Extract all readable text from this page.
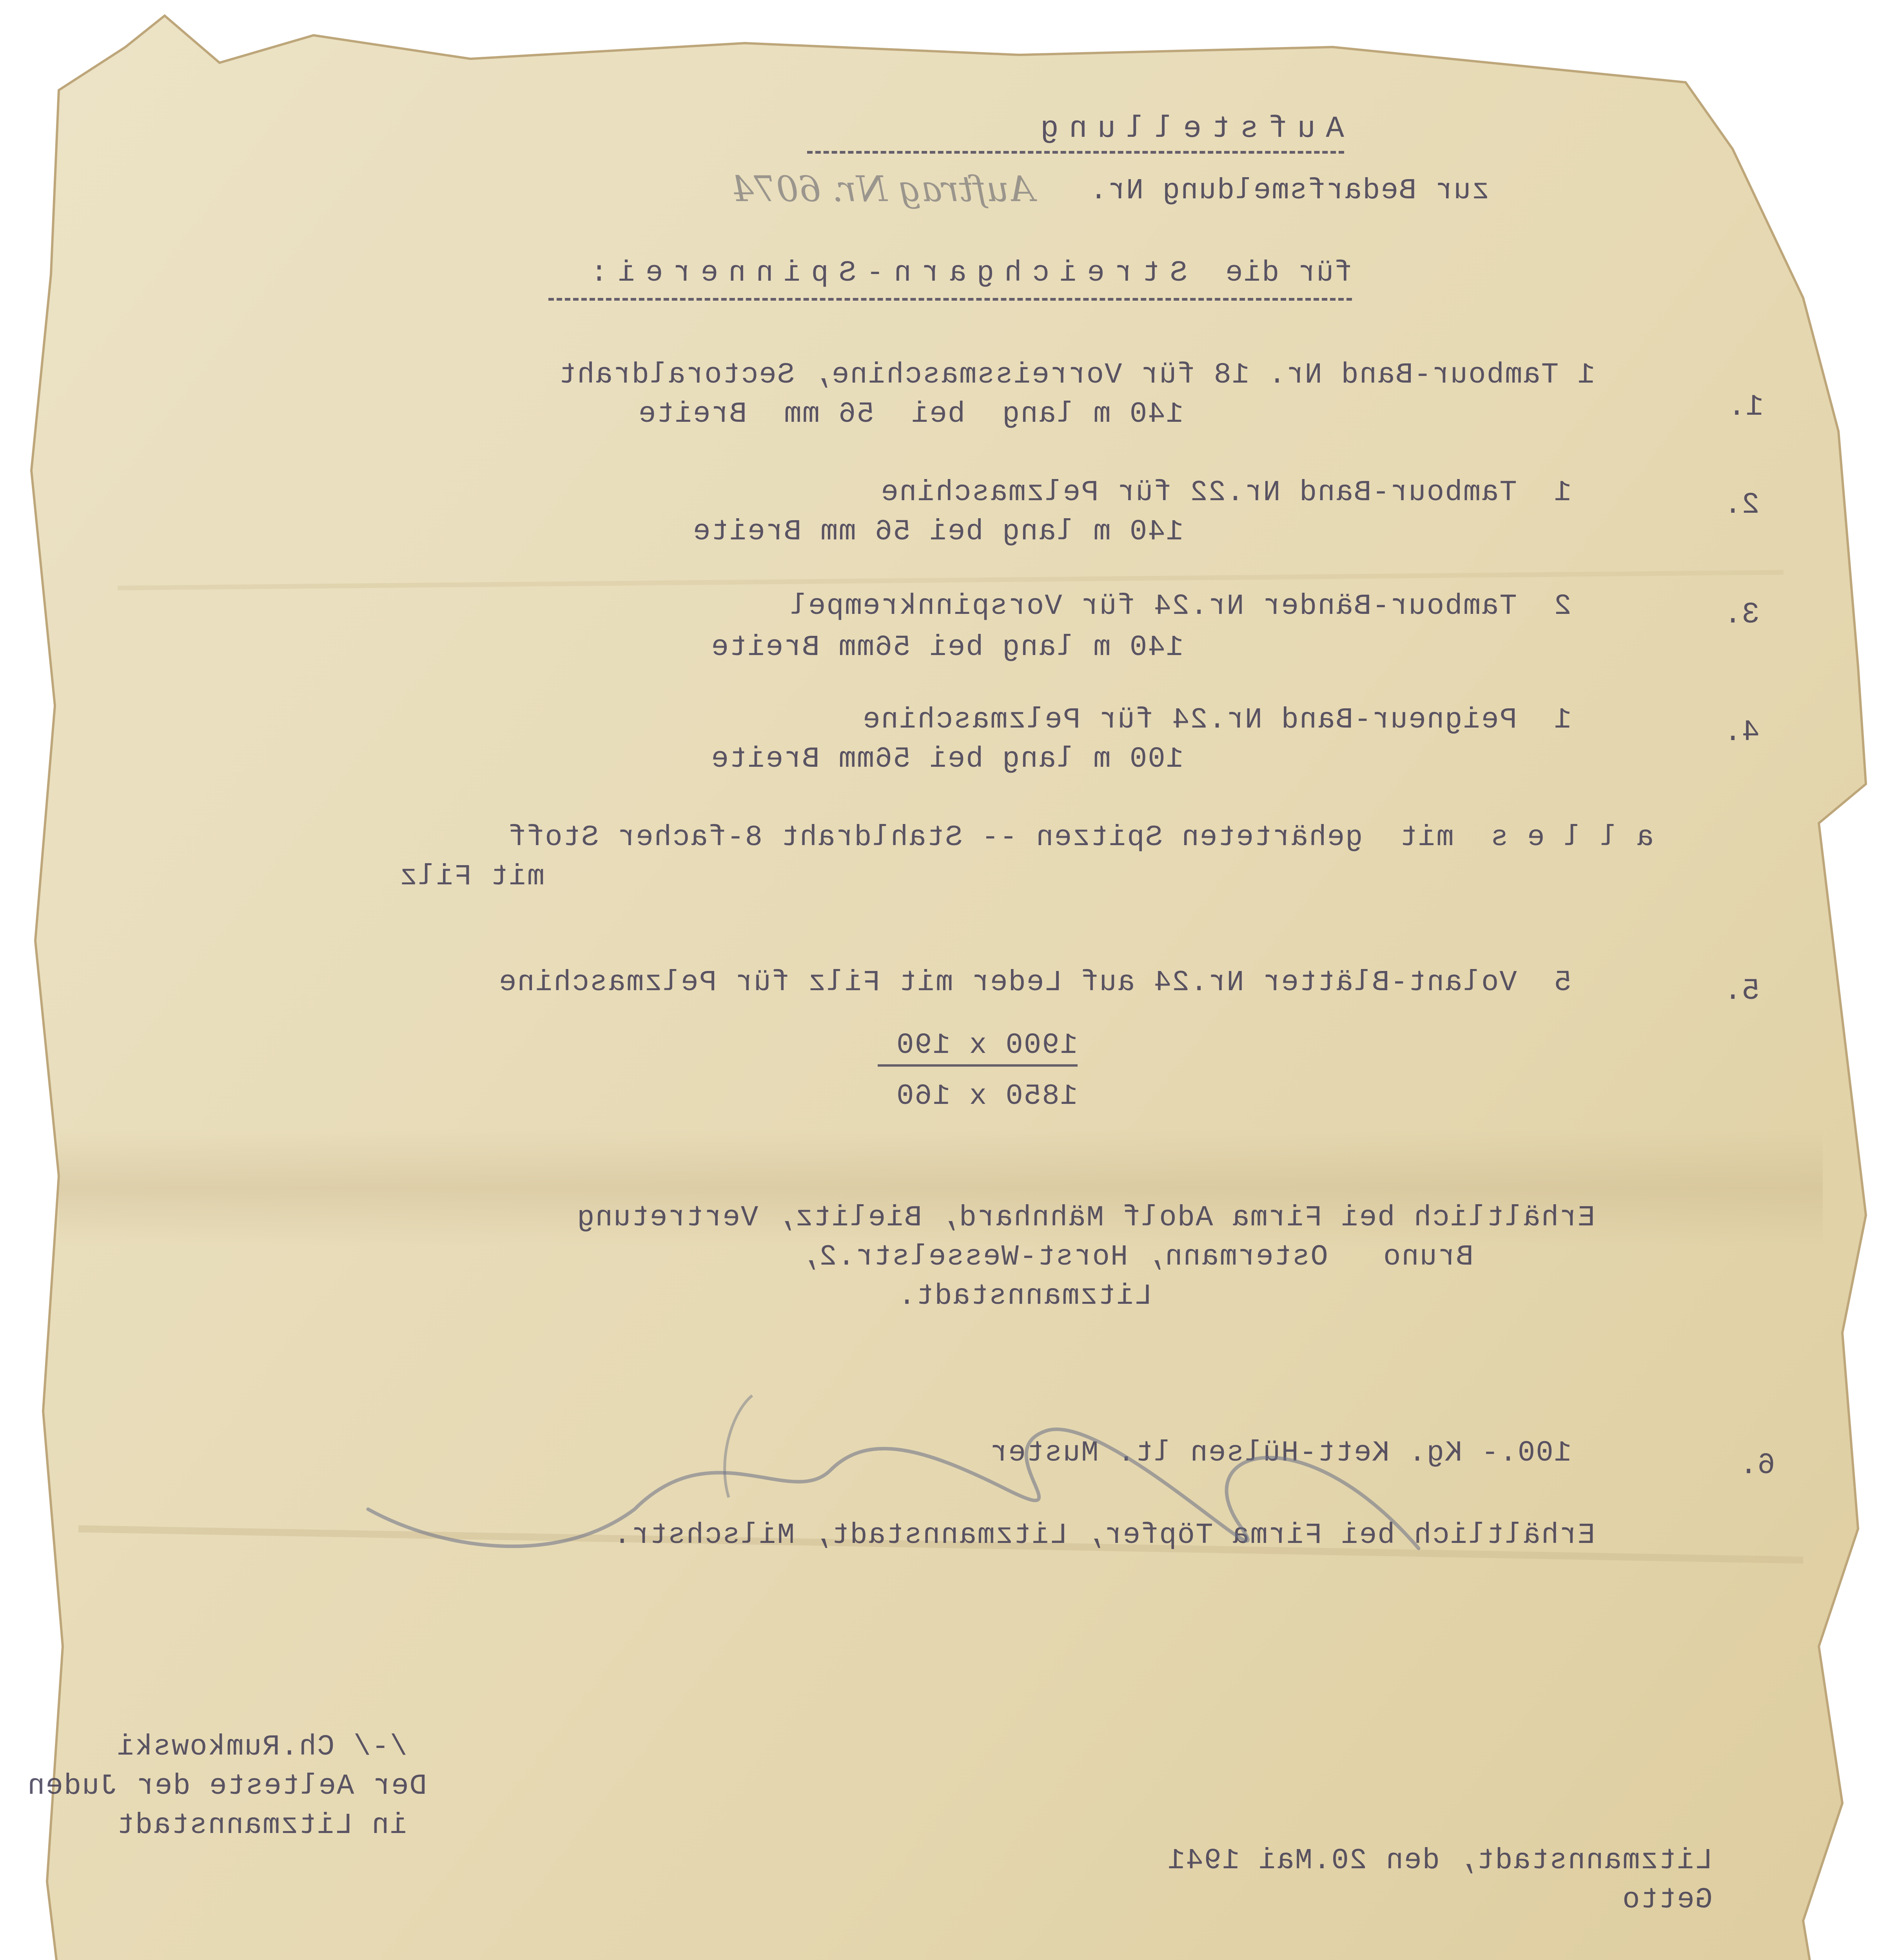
Aufstellung
zur Bedarfsmeldung Nr.
Auftrag Nr. 6074
für die
Streichgarn-Spinnerei:
1.
1 Tambour-Band Nr. 18 für Vorreissmaschine, Sectoraldraht
140 m lang  bei  56 mm  Breite
2.
1  Tambour-Band Nr.22 für Pelzmaschine
140 m lang bei 56 mm Breite
3.
2  Tambour-Bänder Nr.24 für Vorspinnkrempel
140 m lang bei 56mm Breite
4.
1  Peigneur-Band Nr.24 für Pelzmaschine
100 m lang bei 56mm Breite
a l l e s  mit  gehärteten Spitzen -- Stahldraht 8-facher Stoff
mit Filz
5.
5  Volant-Blätter Nr.24 auf Leder mit Filz für Pelzmaschine
1900 x 190
1850 x 160
Erhältlich bei Firma Adolf Mähnhard, Bielitz, Vertretung
Bruno   Ostermann, Horst-Wesselstr.2,
Litzmannstadt.
6.
100.- Kg. Kett-Hülsen lt. Muster
Erhältlich bei Firma Töpfer, Litzmannstadt, Milschstr.
/-/ Ch.Rumkowski
Der Aelteste der Juden
in Litzmannstadt
Litzmannstadt, den 20.Mai 1941
Getto
